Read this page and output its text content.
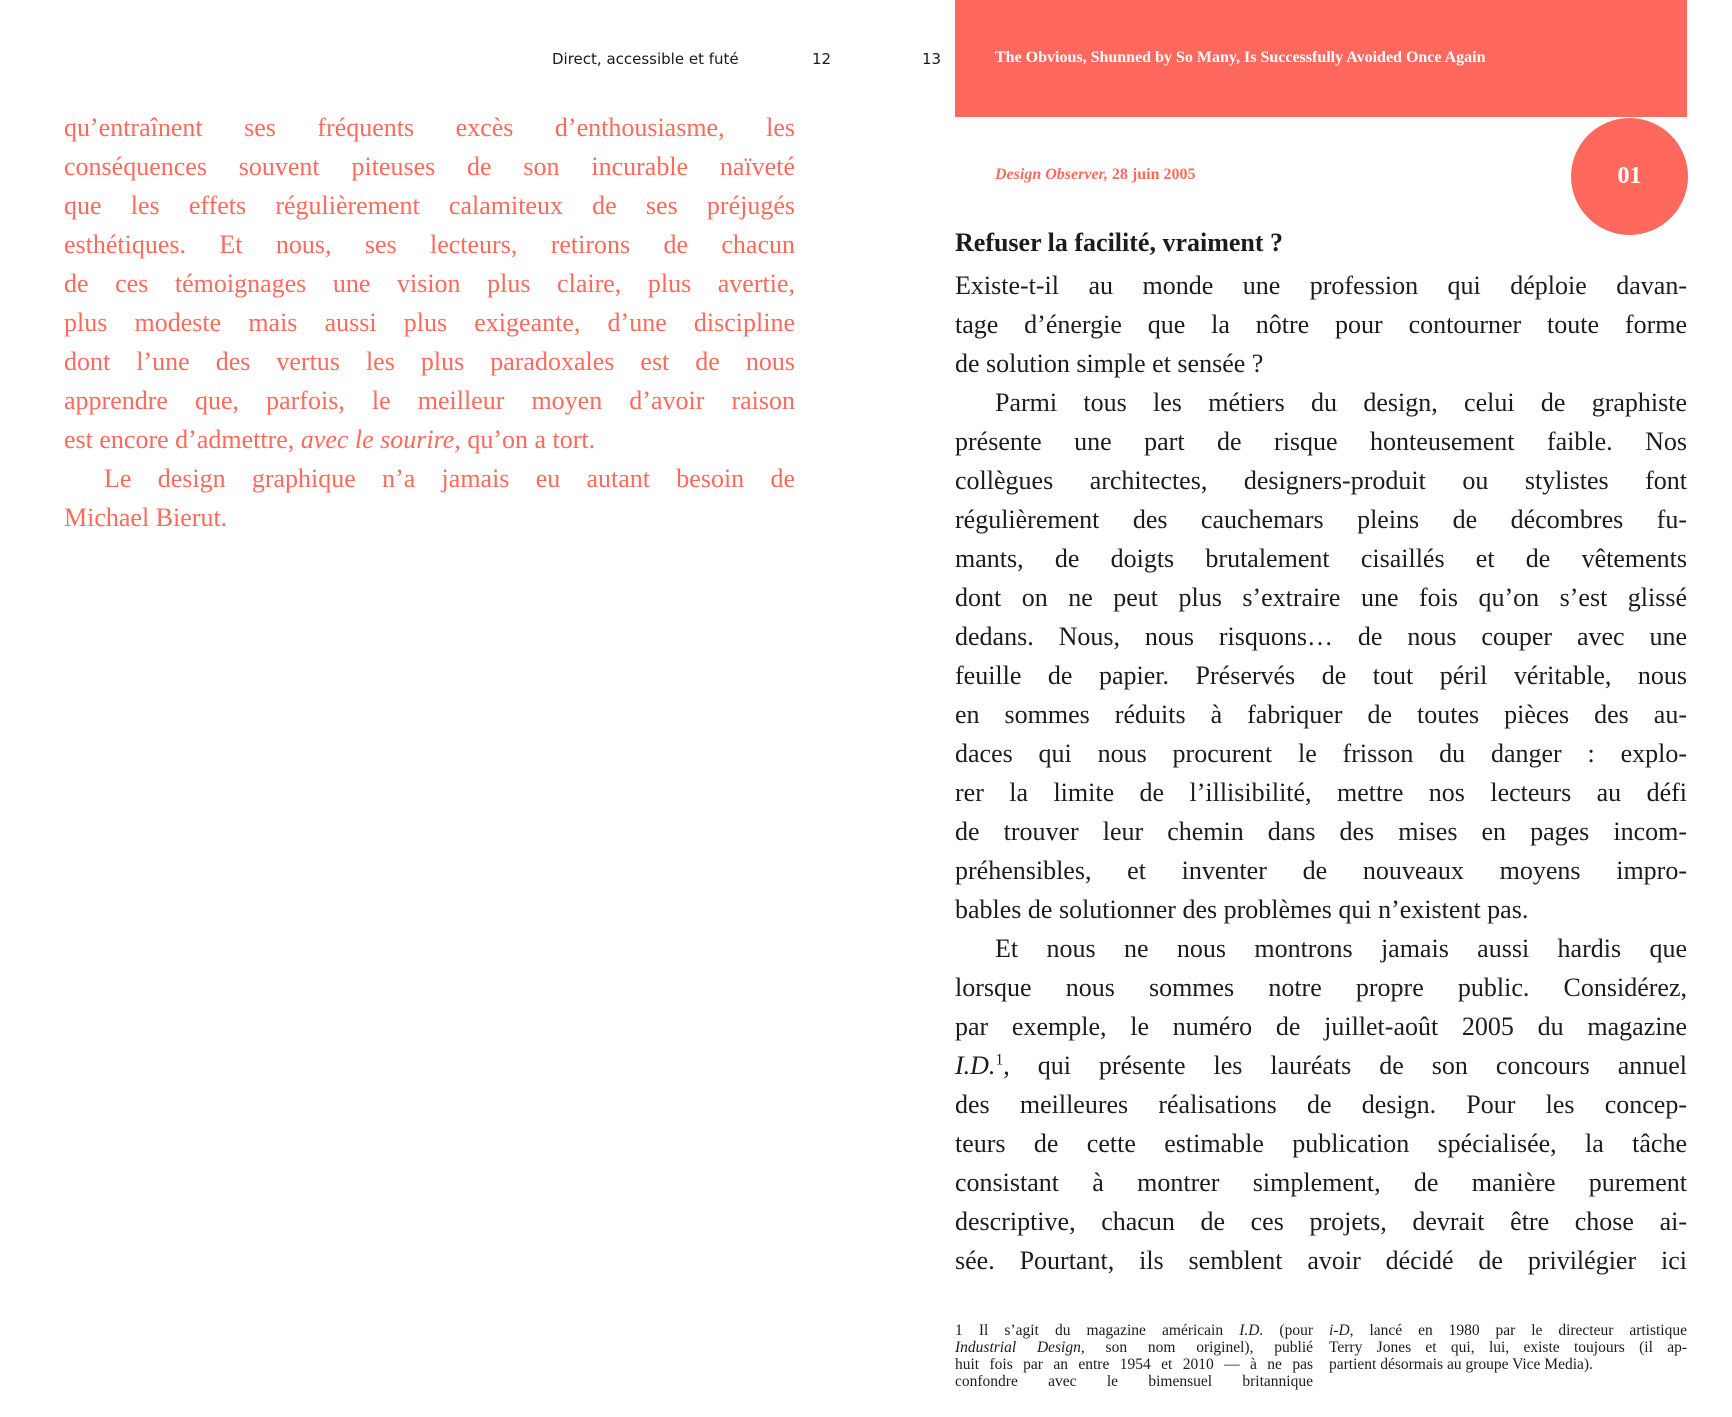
Direct, accessible et futé	12	13	The Obvious, Shunned by So Many, Is Successfully Avoided Once Again
01
Design Observer, 28 juin 2005
Refuser la facilité, vraiment ?
qu’entraînent ses fréquents excès d’enthousiasme, les
conséquences souvent piteuses de son incurable naïveté
que les effets régulièrement calamiteux de ses préjugés
esthétiques. Et nous, ses lecteurs, retirons de chacun
de ces témoignages une vision plus claire, plus avertie,
plus modeste mais aussi plus exigeante, d’une discipline
dont l’une des vertus les plus paradoxales est de nous
apprendre que, parfois, le meilleur moyen d’avoir raison
est encore d’admettre, avec le sourire, qu’on a tort.
Le design graphique n’a jamais eu autant besoin de
Michael Bierut.
Existe-t-il au monde une profession qui déploie davan-
tage d’énergie que la nôtre pour contourner toute forme
de solution simple et sensée ?
Parmi tous les métiers du design, celui de graphiste
présente une part de risque honteusement faible. Nos
collègues architectes, designers-produit ou stylistes font
régulièrement des cauchemars pleins de décombres fu-
mants, de doigts brutalement cisaillés et de vêtements
dont on ne peut plus s’extraire une fois qu’on s’est glissé
dedans. Nous, nous risquons… de nous couper avec une
feuille de papier. Préservés de tout péril véritable, nous
en sommes réduits à fabriquer de toutes pièces des au-
daces qui nous procurent le frisson du danger : explo-
rer la limite de l’illisibilité, mettre nos lecteurs au défi
de trouver leur chemin dans des mises en pages incom-
préhensibles, et inventer de nouveaux moyens impro-
bables de solutionner des problèmes qui n’existent pas.
Et nous ne nous montrons jamais aussi hardis que
lorsque nous sommes notre propre public. Considérez,
par exemple, le numéro de juillet-août 2005 du magazine
I.D.$^1$, qui présente les lauréats de son concours annuel
des meilleures réalisations de design. Pour les concep-
teurs de cette estimable publication spécialisée, la tâche
consistant à montrer simplement, de manière purement
descriptive, chacun de ces projets, devrait être chose ai-
sée. Pourtant, ils semblent avoir décidé de privilégier ici
1 Il s’agit du magazine américain I.D. (pour
Industrial Design, son nom originel), publié
huit fois par an entre 1954 et 2010 — à ne pas
confondre avec le bimensuel britannique
i-D, lancé en 1980 par le directeur artistique
Terry Jones et qui, lui, existe toujours (il ap-
partient désormais au groupe Vice Media).
